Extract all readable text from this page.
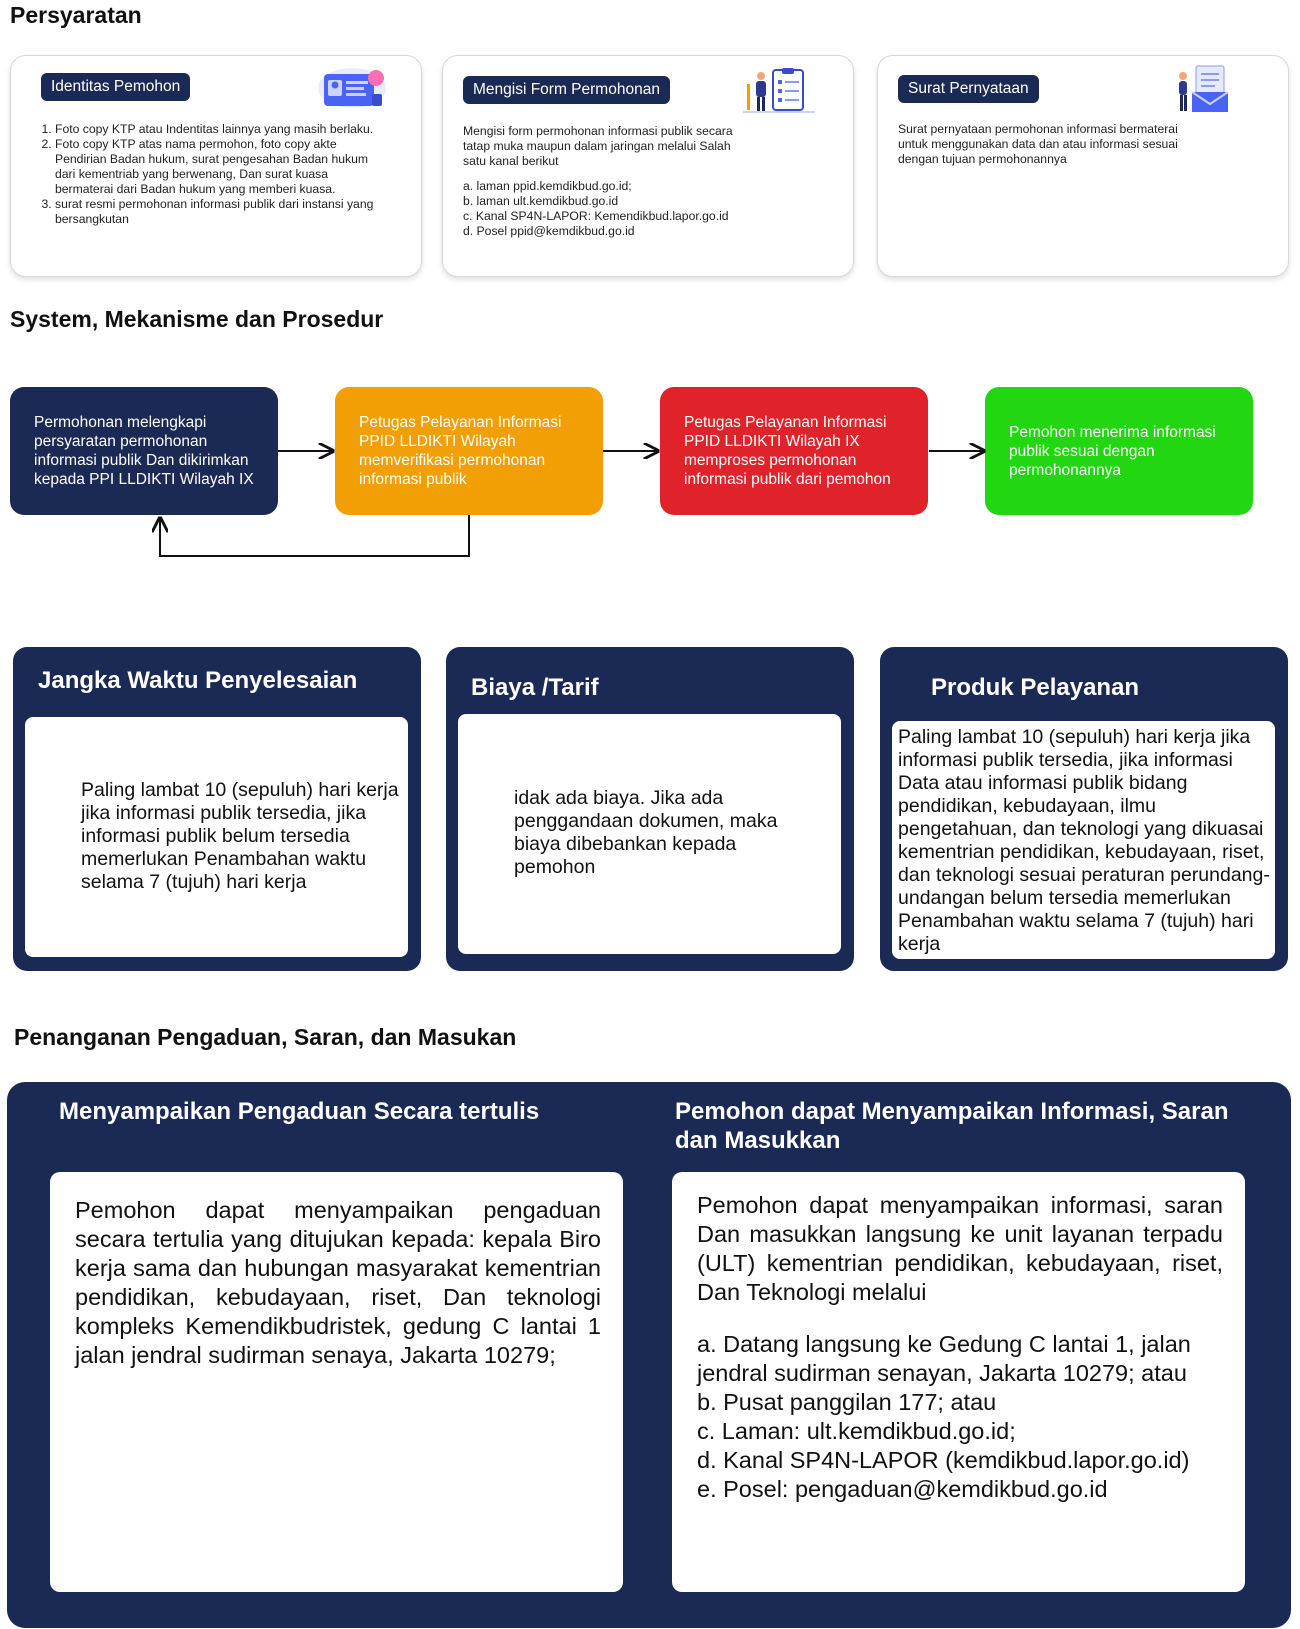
Persyaratan
Identitas Pemohon
1. Foto copy KTP atau Indentitas lainnya yang masih berlaku.
2. Foto copy KTP atas nama permohon, foto copy akte Pendirian Badan hukum, surat pengesahan Badan hukum dari kementriab yang berwenang, Dan surat kuasa bermaterai dari Badan hukum yang memberi kuasa.
3. surat resmi permohonan informasi publik dari instansi yang bersangkutan
Mengisi Form Permohonan

Mengisi form permohonan informasi publik secara tatap muka maupun dalam jaringan melalui Salah satu kanal berikut

a. laman ppid.kemdikbud.go.id;

b. laman ult.kemdikbud.go.id

c. Kanal SP4N-LAPOR: Kemendikbud.lapor.go.id

d. Posel ppid@kemdikbud.go.id

Surat Pernyataan
Surat pernyataan permohonan informasi bermaterai untuk menggunakan data dan atau informasi sesuai dengan tujuan permohonannya
System, Mekanisme dan Prosedur
Permohonan melengkapi persyaratan permohonan informasi publik Dan dikirimkan kepada PPI LLDIKTI Wilayah IX
Petugas Pelayanan Informasi PPID LLDIKTI Wilayah memverifikasi permohonan informasi publik
Petugas Pelayanan Informasi PPID LLDIKTI Wilayah IX memproses permohonan informasi publik dari pemohon
Pemohon menerima informasi publik sesuai dengan permohonannya
Jangka Waktu Penyelesaian
Paling lambat 10 (sepuluh) hari kerja jika informasi publik tersedia, jika informasi publik belum tersedia memerlukan Penambahan waktu selama 7 (tujuh) hari kerja
Biaya /Tarif
idak ada biaya. Jika ada penggandaan dokumen, maka biaya dibebankan kepada pemohon
Produk Pelayanan
Paling lambat 10 (sepuluh) hari kerja jika informasi publik tersedia, jika informasi Data atau informasi publik bidang pendidikan, kebudayaan, ilmu pengetahuan, dan teknologi yang dikuasai kementrian pendidikan, kebudayaan, riset, dan teknologi sesuai peraturan perundang-undangan belum tersedia memerlukan Penambahan waktu selama 7 (tujuh) hari kerja
Penanganan Pengaduan, Saran, dan Masukan
Menyampaikan Pengaduan Secara tertulis
Pemohon dapat menyampaikan pengaduan secara tertulia yang ditujukan kepada: kepala Biro kerja sama dan hubungan masyarakat kementrian pendidikan, kebudayaan, riset, Dan teknologi kompleks Kemendikbudristek, gedung C lantai 1 jalan jendral sudirman senaya, Jakarta 10279;
Pemohon dapat Menyampaikan Informasi, Saran dan Masukkan

Pemohon dapat menyampaikan informasi, saran Dan masukkan langsung ke unit layanan terpadu (ULT) kementrian pendidikan, kebudayaan, riset, Dan Teknologi melalui

a. Datang langsung ke Gedung C lantai 1, jalan jendral sudirman senayan, Jakarta 10279; atau

b. Pusat panggilan 177; atau

c. Laman: ult.kemdikbud.go.id;

d. Kanal SP4N-LAPOR (kemdikbud.lapor.go.id)

e. Posel: pengaduan@kemdikbud.go.id
